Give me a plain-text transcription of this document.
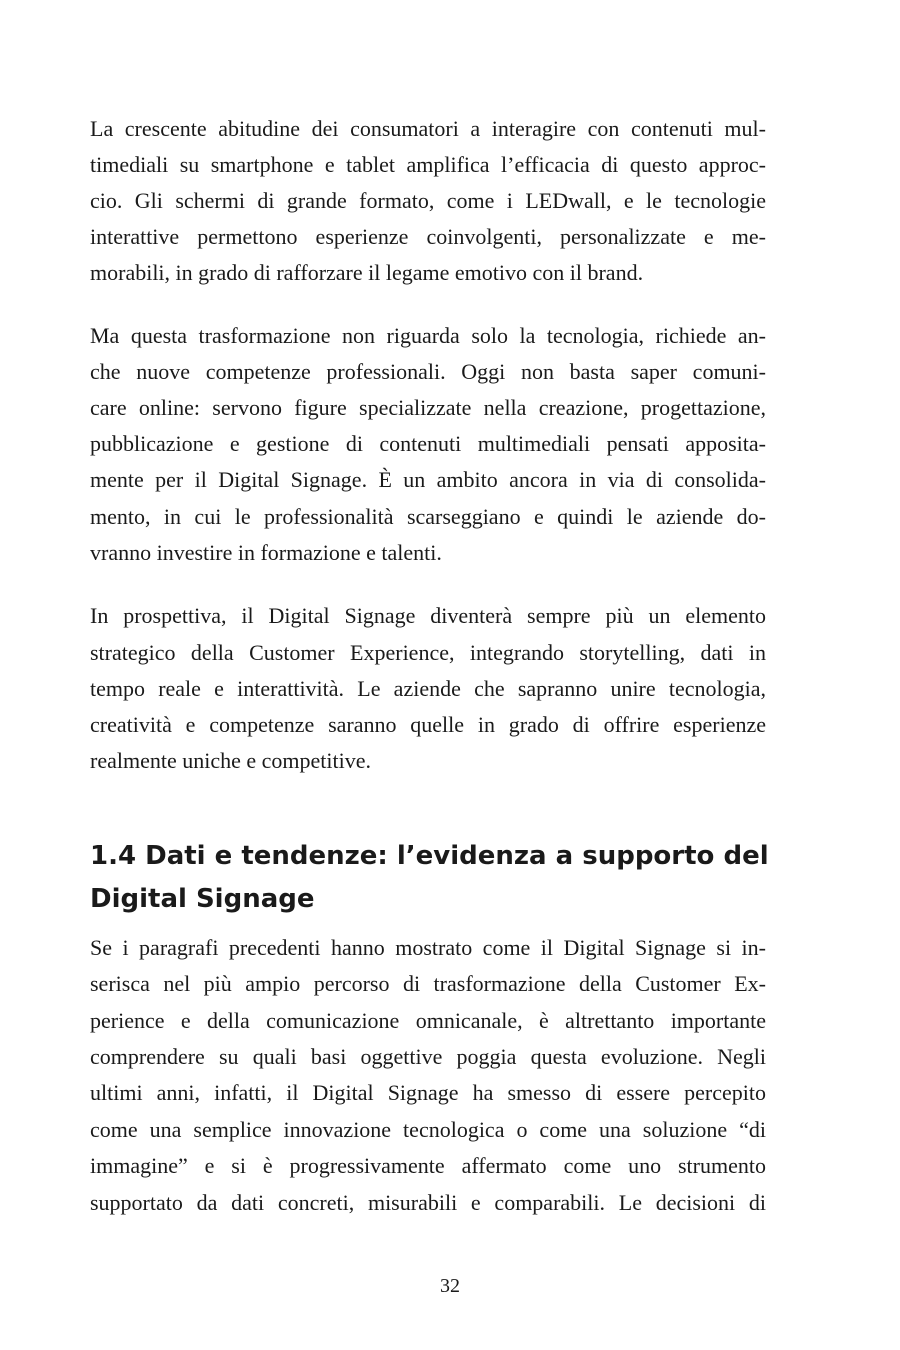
La crescente abitudine dei consumatori a interagire con contenuti mul-
timediali su smartphone e tablet amplifica l’efficacia di questo approc-
cio. Gli schermi di grande formato, come i LEDwall, e le tecnologie
interattive permettono esperienze coinvolgenti, personalizzate e me-
morabili, in grado di rafforzare il legame emotivo con il brand.
Ma questa trasformazione non riguarda solo la tecnologia, richiede an-
che nuove competenze professionali. Oggi non basta saper comuni-
care online: servono figure specializzate nella creazione, progettazione,
pubblicazione e gestione di contenuti multimediali pensati apposita-
mente per il Digital Signage. È un ambito ancora in via di consolida-
mento, in cui le professionalità scarseggiano e quindi le aziende do-
vranno investire in formazione e talenti.
In prospettiva, il Digital Signage diventerà sempre più un elemento
strategico della Customer Experience, integrando storytelling, dati in
tempo reale e interattività. Le aziende che sapranno unire tecnologia,
creatività e competenze saranno quelle in grado di offrire esperienze
realmente uniche e competitive.
1.4 Dati e tendenze: l’evidenza a supporto del
Digital Signage
Se i paragrafi precedenti hanno mostrato come il Digital Signage si in-
serisca nel più ampio percorso di trasformazione della Customer Ex-
perience e della comunicazione omnicanale, è altrettanto importante
comprendere su quali basi oggettive poggia questa evoluzione. Negli
ultimi anni, infatti, il Digital Signage ha smesso di essere percepito
come una semplice innovazione tecnologica o come una soluzione “di
immagine” e si è progressivamente affermato come uno strumento
supportato da dati concreti, misurabili e comparabili. Le decisioni di
32
